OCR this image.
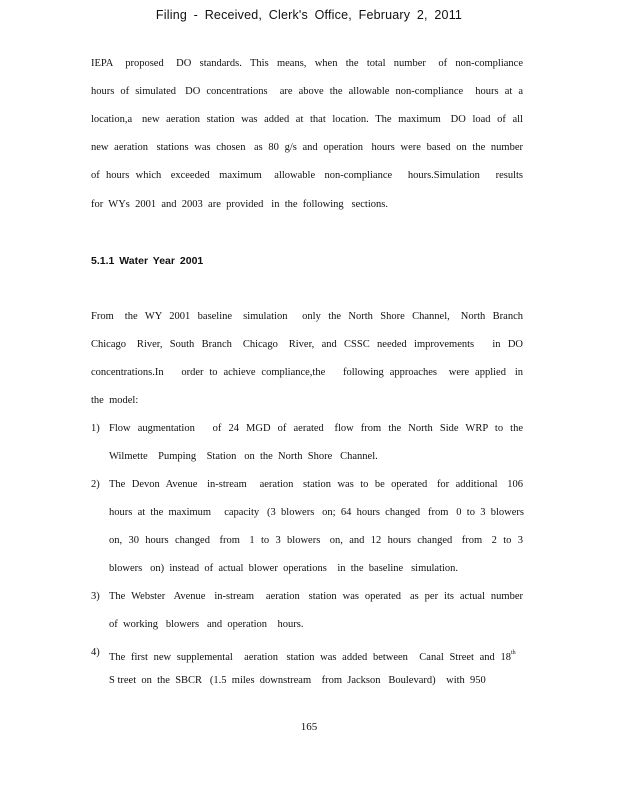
Filing - Received, Clerk's Office, February 2, 2011
IEPA   proposed   DO  standards.  This  means,  when  the  total  number   of  non-compliance
hours  of  simulated   DO  concentrations    are  above  the  allowable  non-compliance    hours  at  a
location,a   new  aeration  station  was  added  at  that  location.  The  maximum   DO  load  of  all
new  aeration   stations  was  chosen   as  80  g/s  and  operation   hours  were  based  on  the  number
of  hours  which   exceeded   maximum    allowable   non-compliance     hours.Simulation     results
for  WYs  2001  and  2003  are  provided   in  the  following   sections.
5.1.1 Water Year 2001
From   the  WY  2001  baseline   simulation    only  the  North  Shore  Channel,   North  Branch
Chicago   River,  South  Branch   Chicago   River,  and  CSSC  needed  improvements     in  DO
concentrations.In      order  to  achieve  compliance,the      following  approaches    were  applied   in
the  model:
1) Flow  augmentation     of  24  MGD  of  aerated   flow  from  the  North  Side  WRP  to  the
Wilmette    Pumping    Station   on  the  North  Shore   Channel.
2) The  Devon  Avenue   in-stream    aeration   station  was  to  be  operated   for  additional   106
hours  at  the  maximum     capacity   (3  blowers   on;  64  hours  changed   from   0  to  3  blowers
on,  30  hours  changed   from   1  to  3  blowers   on,  and  12  hours  changed   from   2  to  3
blowers   on)  instead  of  actual  blower  operations    in  the  baseline   simulation.
3) The  Webster   Avenue   in-stream    aeration   station  was  operated   as  per  its  actual  number
of  working   blowers   and  operation    hours.
4) The  first  new  supplemental    aeration   station  was  added  between    Canal  Street  and  18th
S treet  on  the  SBCR   (1.5  miles  downstream    from  Jackson   Boulevard)    with  950
165
